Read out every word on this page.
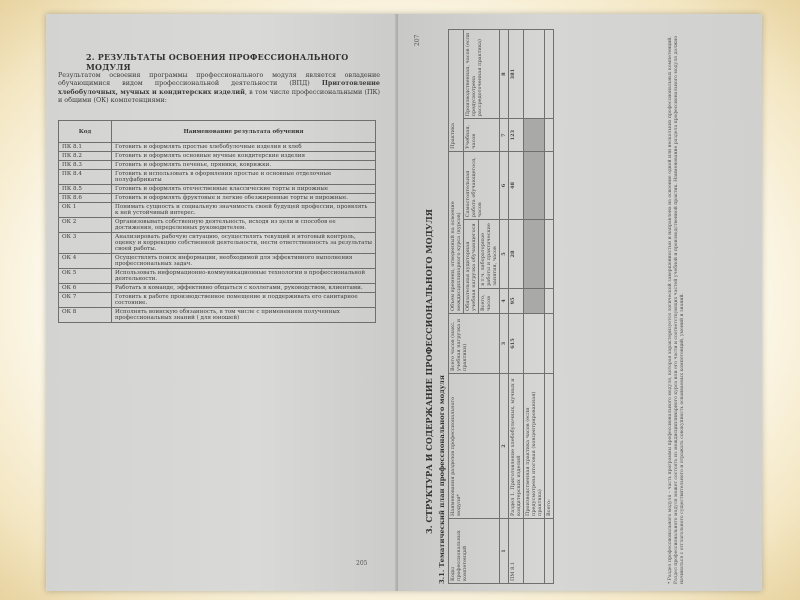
2. РЕЗУЛЬТАТЫ ОСВОЕНИЯ ПРОФЕССИОНАЛЬНОГО МОДУЛЯ
Результатом освоения программы профессионального модуля является овладение обучающимися видом профессиональной деятельности (ВПД) Приготовление хлебобулочных, мучных и кондитерских изделий, в том числе профессиональными (ПК) и общими (ОК) компетенциями:
Код	Наименование результата обучения
ПК 8.1	Готовить и оформлять простые хлебобулочные изделия и хлеб
ПК 8.2	Готовить и оформлять основные мучные кондитерские изделия
ПК 8.3	Готовить и оформлять печенье, пряники, коврижки.
ПК 8.4	Готовить и использовать в оформлении простые и основные отделочные полуфабрикаты
ПК 8.5	Готовить и оформлять отечественные классические торты и пирожные
ПК 8.6	Готовить и оформлять фруктовые и легкие обезжиренные торты и пирожные.
ОК 1	Понимать сущность и социальную значимость своей будущей профессии, проявлять к ней устойчивый интерес.
ОК 2	Организовывать собственную деятельность, исходя из цели и способов ее достижения, определенных руководителем.
ОК 3	Анализировать рабочую ситуацию, осуществлять текущий и итоговый контроль, оценку и коррекцию собственной деятельности, нести ответственность за результаты своей работы.
ОК 4	Осуществлять поиск информации, необходимой для эффективного выполнения профессиональных задач.
ОК 5	Использовать информационно-коммуникационные технологии в профессиональной деятельности.
ОК 6	Работать в команде, эффективно общаться с коллегами, руководством, клиентами.
ОК 7	Готовить к работе производственное помещение и поддерживать его санитарное состояние.
ОК 8	Исполнять воинскую обязанность, в том числе с применением полученных профессиональных знаний ( для юношей)
205
3. СТРУКТУРА И СОДЕРЖАНИЕ ПРОФЕССИОНАЛЬНОГО МОДУЛЯ 3.1. Тематический план профессионального модуля
207
Коды профессиональных компетенций	Наименования разделов профессионального модуля*	Всего часов (макс. учебная нагрузка и практики)	Объем времени, отведенный на освоение междисциплинарного курса (курсов)			Практика	
			Обязательная аудиторная учебная нагрузка обучающегося		Самостоятельная работа обучающегося, часов	Учебная, часов	Производственная, часов (если предусмотрена рассредоточенная практика)
			Всего, часов	в т.ч. лабораторные работы и практические занятия, часов			
1	2	3	4	5	6	7	8
ПМ 8.1	Раздел 1. Приготовление хлебобулочных, мучных и кондитерских изделий	615	95	28	48	123	381
	Производственная практика часов (если предусмотрена итоговая (концентрированная) практика)						
	Всего:							* Раздел профессионального модуля – часть программы профессионального модуля, которая характеризуется логической завершенностью и направлена на освоение одной или нескольких профессиональных компетенций. Раздел профессионального модуля может состоять из междисциплинарного курса или его части и соответствующих частей учебной и производственной практик. Наименование раздела профессионального модуля должно начинаться с отглагольного существительного и отражать совокупность осваиваемых компетенций, умений и знаний.
